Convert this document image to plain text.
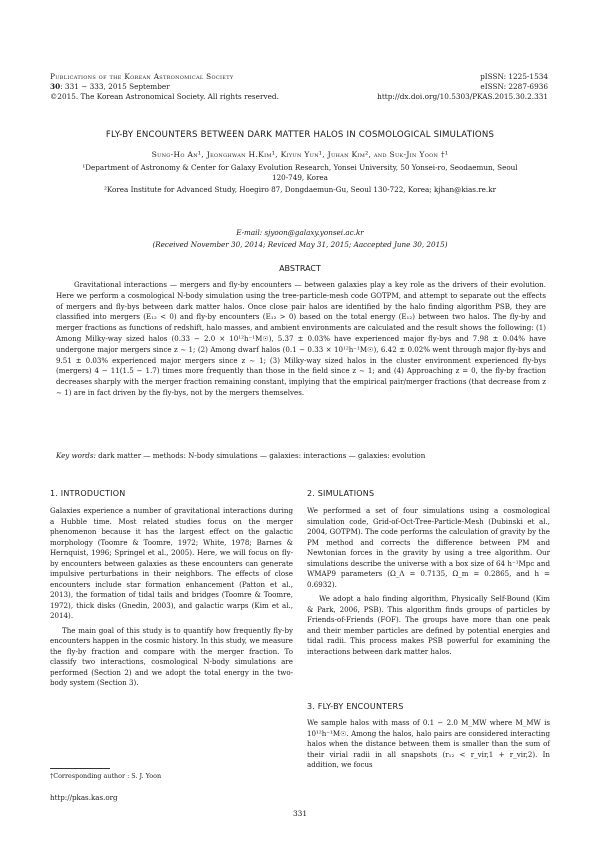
Publications of the Korean Astronomical Society
30: 331 ∼ 333, 2015 September
©2015. The Korean Astronomical Society. All rights reserved.
pISSN: 1225-1534
eISSN: 2287-6936
http://dx.doi.org/10.5303/PKAS.2015.30.2.331
FLY-BY ENCOUNTERS BETWEEN DARK MATTER HALOS IN COSMOLOGICAL SIMULATIONS
Sung-Ho An¹, Jeonghwan H.Kim¹, Kiyun Yun¹, Juhan Kim², and Suk-Jin Yoon †¹
¹Department of Astronomy & Center for Galaxy Evolution Research, Yonsei University, 50 Yonsei-ro, Seodaemun, Seoul
120-749, Korea
²Korea Institute for Advanced Study, Hoegiro 87, Dongdaemun-Gu, Seoul 130-722, Korea; kjhan@kias.re.kr
E-mail: sjyoon@galaxy.yonsei.ac.kr
(Received November 30, 2014; Reviced May 31, 2015; Aaccepted June 30, 2015)
ABSTRACT

Gravitational interactions — mergers and fly-by encounters — between galaxies play a key role as the drivers of their evolution. Here we perform a cosmological N-body simulation using the tree-particle-mesh code GOTPM, and attempt to separate out the effects of mergers and fly-bys between dark matter halos. Once close pair halos are identified by the halo finding algorithm PSB, they are classified into mergers (E₁₂ < 0) and fly-by encounters (E₁₂ > 0) based on the total energy (E₁₂) between two halos. The fly-by and merger fractions as functions of redshift, halo masses, and ambient environments are calculated and the result shows the following: (1) Among Milky-way sized halos (0.33 − 2.0 × 10¹²h⁻¹M☉), 5.37 ± 0.03% have experienced major fly-bys and 7.98 ± 0.04% have undergone major mergers since z ∼ 1; (2) Among dwarf halos (0.1 − 0.33 × 10¹²h⁻¹M☉), 6.42 ± 0.02% went through major fly-bys and 9.51 ± 0.03% experienced major mergers since z ∼ 1; (3) Milky-way sized halos in the cluster environment experienced fly-bys (mergers) 4 − 11(1.5 − 1.7) times more frequently than those in the field since z ∼ 1; and (4) Approaching z = 0, the fly-by fraction decreases sharply with the merger fraction remaining constant, implying that the empirical pair/merger fractions (that decrease from z ∼ 1) are in fact driven by the fly-bys, not by the mergers themselves.

Key words: dark matter — methods: N-body simulations — galaxies: interactions — galaxies: evolution
1. INTRODUCTION

Galaxies experience a number of gravitational interactions during a Hubble time. Most related studies focus on the merger phenomenon because it has the largest effect on the galactic morphology (Toomre & Toomre, 1972; White, 1978; Barnes & Hernquist, 1996; Springel et al., 2005). Here, we will focus on fly-by encounters between galaxies as these encounters can generate impulsive perturbations in their neighbors. The effects of close encounters include star formation enhancement (Patton et al., 2013), the formation of tidal tails and bridges (Toomre & Toomre, 1972), thick disks (Gnedin, 2003), and galactic warps (Kim et al., 2014).

The main goal of this study is to quantify how frequently fly-by encounters happen in the cosmic history. In this study, we measure the fly-by fraction and compare with the merger fraction. To classify two interactions, cosmological N-body simulations are performed (Section 2) and we adopt the total energy in the two-body system (Section 3).

2. SIMULATIONS

We performed a set of four simulations using a cosmological simulation code, Grid-of-Oct-Tree-Particle-Mesh (Dubinski et al., 2004, GOTPM). The code performs the calculation of gravity by the PM method and corrects the difference between PM and Newtonian forces in the gravity by using a tree algorithm. Our simulations describe the universe with a box size of 64 h⁻¹Mpc and WMAP9 parameters (Ω_Λ = 0.7135, Ω_m = 0.2865, and h = 0.6932).

We adopt a halo finding algorithm, Physically Self-Bound (Kim & Park, 2006, PSB). This algorithm finds groups of particles by Friends-of-Friends (FOF). The groups have more than one peak and their member particles are defined by potential energies and tidal radii. This process makes PSB powerful for examining the interactions between dark matter halos.

3. FLY-BY ENCOUNTERS

We sample halos with mass of 0.1 − 2.0 M_MW where M_MW is 10¹²h⁻¹M☉. Among the halos, halo pairs are considered interacting halos when the distance between them is smaller than the sum of their virial radii in all snapshots (r₁₂ < r_vir,1 + r_vir,2). In addition, we focus

†Corresponding author : S. J. Yoon
http://pkas.kas.org
331
